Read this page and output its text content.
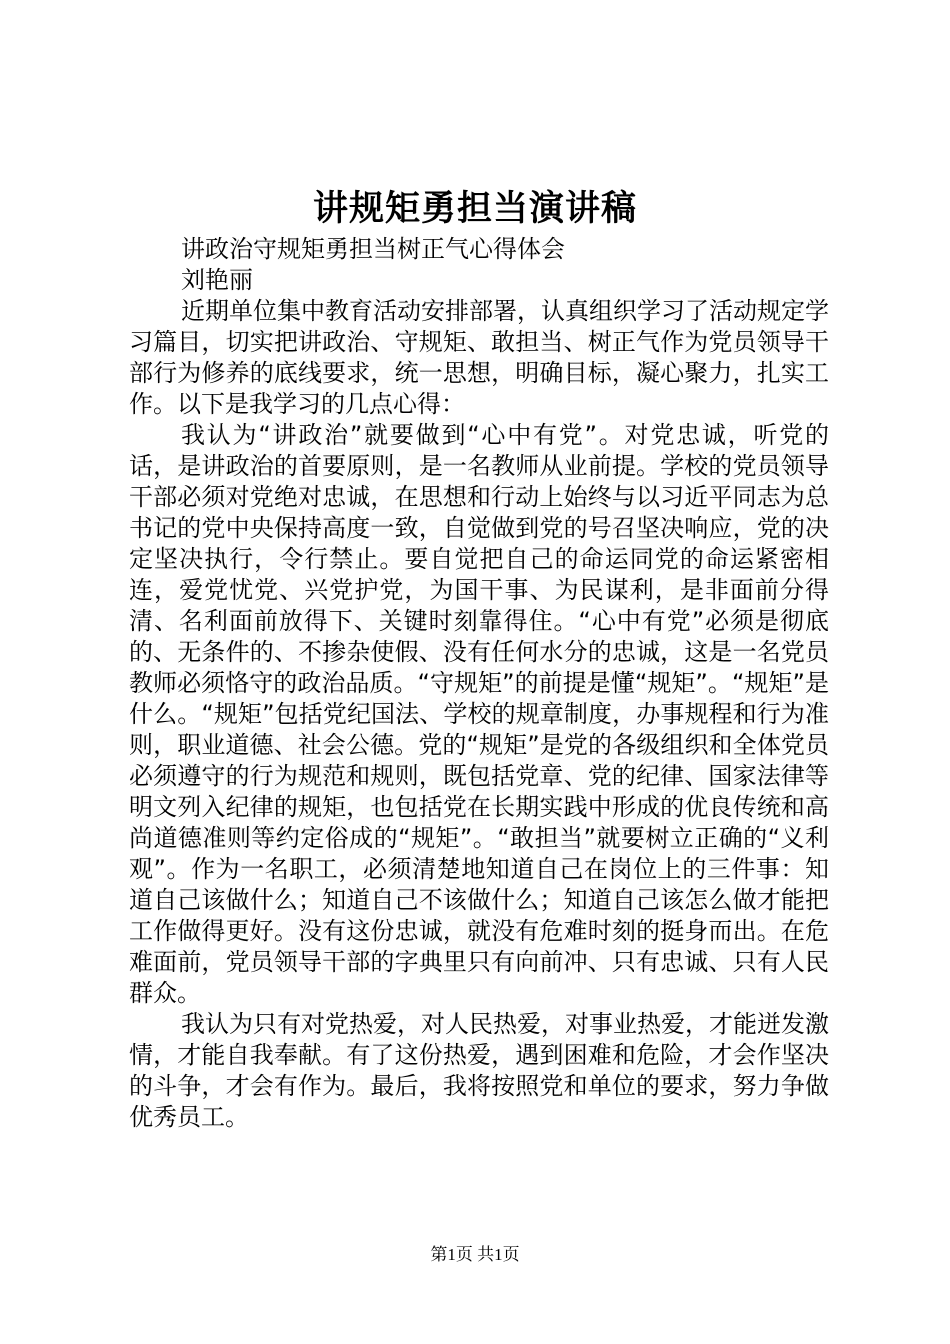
讲规矩勇担当演讲稿

讲政治守规矩勇担当树正气心得体会

刘艳丽

近期单位集中教育活动安排部署，认真组织学习了活动规定学习篇目，切实把讲政治、守规矩、敢担当、树正气作为党员领导干部行为修养的底线要求，统一思想，明确目标，凝心聚力，扎实工作。以下是我学习的几点心得：

我认为“讲政治”就要做到“心中有党”。对党忠诚，听党的话，是讲政治的首要原则，是一名教师从业前提。学校的党员领导干部必须对党绝对忠诚，在思想和行动上始终与以习近平同志为总书记的党中央保持高度一致，自觉做到党的号召坚决响应，党的决定坚决执行，令行禁止。要自觉把自己的命运同党的命运紧密相连，爱党忧党、兴党护党，为国干事、为民谋利，是非面前分得清、名利面前放得下、关键时刻靠得住。“心中有党”必须是彻底的、无条件的、不掺杂使假、没有任何水分的忠诚，这是一名党员教师必须恪守的政治品质。“守规矩”的前提是懂“规矩”。“规矩”是什么。“规矩”包括党纪国法、学校的规章制度，办事规程和行为准则，职业道德、社会公德。党的“规矩”是党的各级组织和全体党员必须遵守的行为规范和规则，既包括党章、党的纪律、国家法律等明文列入纪律的规矩，也包括党在长期实践中形成的优良传统和高尚道德准则等约定俗成的“规矩”。“敢担当”就要树立正确的“义利观”。作为一名职工，必须清楚地知道自己在岗位上的三件事：知道自己该做什么；知道自己不该做什么；知道自己该怎么做才能把工作做得更好。没有这份忠诚，就没有危难时刻的挺身而出。在危难面前，党员领导干部的字典里只有向前冲、只有忠诚、只有人民群众。

我认为只有对党热爱，对人民热爱，对事业热爱，才能迸发激情，才能自我奉献。有了这份热爱，遇到困难和危险，才会作坚决的斗争，才会有作为。最后，我将按照党和单位的要求，努力争做优秀员工。

第1页 共1页
